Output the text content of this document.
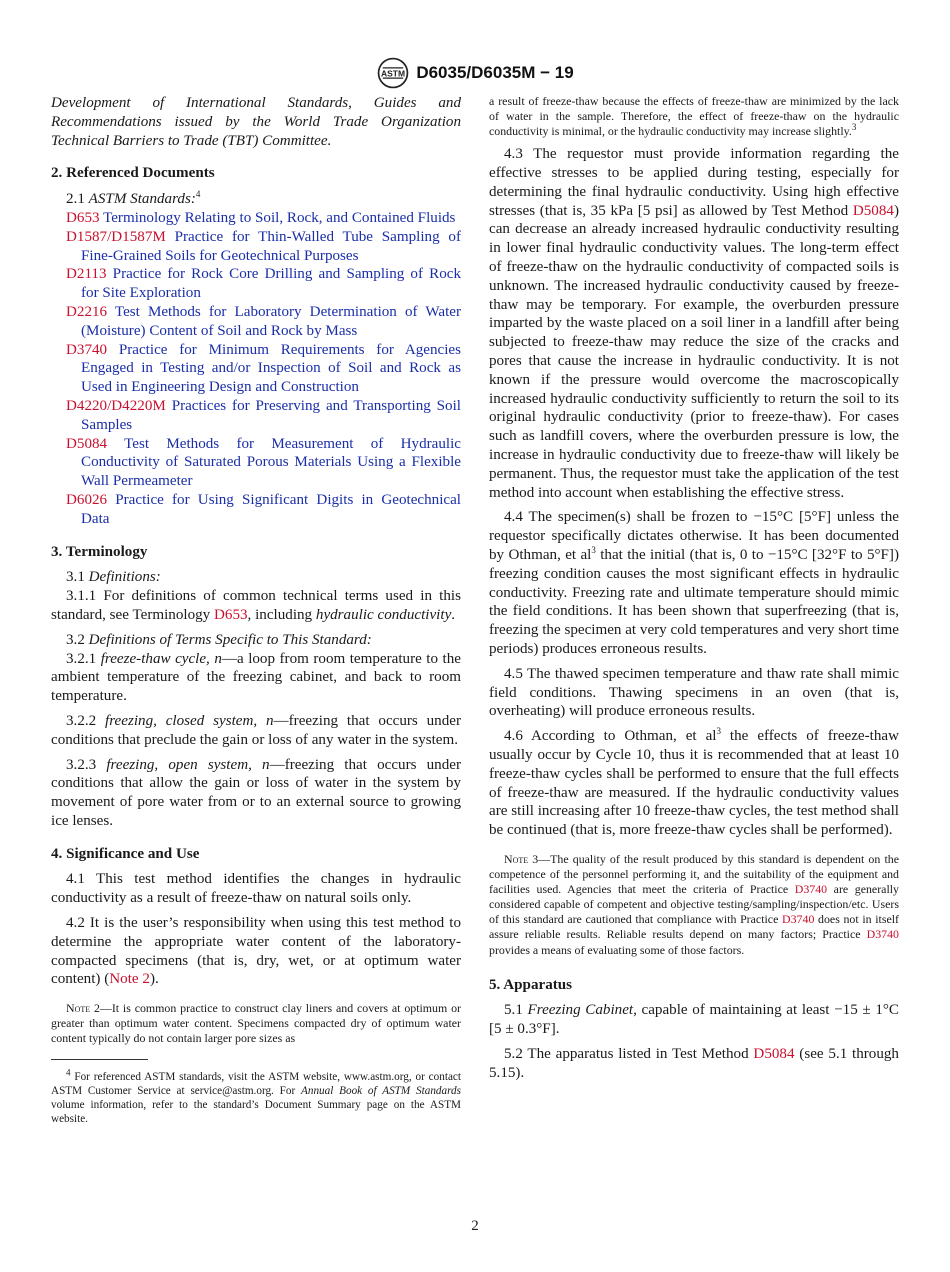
ASTM D6035/D6035M − 19

Development of International Standards, Guides and Recommendations issued by the World Trade Organization Technical Barriers to Trade (TBT) Committee.

2. Referenced Documents

2.1 ASTM Standards:$^4$

D653 Terminology Relating to Soil, Rock, and Contained Fluids
D1587/D1587M Practice for Thin-Walled Tube Sampling of Fine-Grained Soils for Geotechnical Purposes
D2113 Practice for Rock Core Drilling and Sampling of Rock for Site Exploration
D2216 Test Methods for Laboratory Determination of Water (Moisture) Content of Soil and Rock by Mass
D3740 Practice for Minimum Requirements for Agencies Engaged in Testing and/or Inspection of Soil and Rock as Used in Engineering Design and Construction
D4220/D4220M Practices for Preserving and Transporting Soil Samples
D5084 Test Methods for Measurement of Hydraulic Conductivity of Saturated Porous Materials Using a Flexible Wall Permeameter
D6026 Practice for Using Significant Digits in Geotechnical Data
3. Terminology

3.1 Definitions:

3.1.1 For definitions of common technical terms used in this standard, see Terminology D653, including hydraulic conductivity.

3.2 Definitions of Terms Specific to This Standard:

3.2.1 freeze-thaw cycle, n—a loop from room temperature to the ambient temperature of the freezing cabinet, and back to room temperature.

3.2.2 freezing, closed system, n—freezing that occurs under conditions that preclude the gain or loss of any water in the system.

3.2.3 freezing, open system, n—freezing that occurs under conditions that allow the gain or loss of water in the system by movement of pore water from or to an external source to growing ice lenses.

4. Significance and Use

4.1 This test method identifies the changes in hydraulic conductivity as a result of freeze-thaw on natural soils only.

4.2 It is the user’s responsibility when using this test method to determine the appropriate water content of the laboratory-compacted specimens (that is, dry, wet, or at optimum water content) (Note 2).

Note 2—It is common practice to construct clay liners and covers at optimum or greater than optimum water content. Specimens compacted dry of optimum water content typically do not contain larger pore sizes as

$^4$ For referenced ASTM standards, visit the ASTM website, www.astm.org, or contact ASTM Customer Service at service@astm.org. For Annual Book of ASTM Standards volume information, refer to the standard’s Document Summary page on the ASTM website.

a result of freeze-thaw because the effects of freeze-thaw are minimized by the lack of water in the sample. Therefore, the effect of freeze-thaw on the hydraulic conductivity is minimal, or the hydraulic conductivity may increase slightly.$^3$

4.3 The requestor must provide information regarding the effective stresses to be applied during testing, especially for determining the final hydraulic conductivity. Using high effective stresses (that is, 35 kPa [5 psi] as allowed by Test Method D5084) can decrease an already increased hydraulic conductivity resulting in lower final hydraulic conductivity values. The long-term effect of freeze-thaw on the hydraulic conductivity of compacted soils is unknown. The increased hydraulic conductivity caused by freeze-thaw may be temporary. For example, the overburden pressure imparted by the waste placed on a soil liner in a landfill after being subjected to freeze-thaw may reduce the size of the cracks and pores that cause the increase in hydraulic conductivity. It is not known if the pressure would overcome the macroscopically increased hydraulic conductivity sufficiently to return the soil to its original hydraulic conductivity (prior to freeze-thaw). For cases such as landfill covers, where the overburden pressure is low, the increase in hydraulic conductivity due to freeze-thaw will likely be permanent. Thus, the requestor must take the application of the test method into account when establishing the effective stress.

4.4 The specimen(s) shall be frozen to −15°C [5°F] unless the requestor specifically dictates otherwise. It has been documented by Othman, et $al^3$ that the initial (that is, 0 to −15°C [32°F to 5°F]) freezing condition causes the most significant effects in hydraulic conductivity. Freezing rate and ultimate temperature should mimic the field conditions. It has been shown that superfreezing (that is, freezing the specimen at very cold temperatures and very short time periods) produces erroneous results.

4.5 The thawed specimen temperature and thaw rate shall mimic field conditions. Thawing specimens in an oven (that is, overheating) will produce erroneous results.

4.6 According to Othman, et $al^3$ the effects of freeze-thaw usually occur by Cycle 10, thus it is recommended that at least 10 freeze-thaw cycles shall be performed to ensure that the full effects of freeze-thaw are measured. If the hydraulic conductivity values are still increasing after 10 freeze-thaw cycles, the test method shall be continued (that is, more freeze-thaw cycles shall be performed).

Note 3—The quality of the result produced by this standard is dependent on the competence of the personnel performing it, and the suitability of the equipment and facilities used. Agencies that meet the criteria of Practice D3740 are generally considered capable of competent and objective testing/sampling/inspection/etc. Users of this standard are cautioned that compliance with Practice D3740 does not in itself assure reliable results. Reliable results depend on many factors; Practice D3740 provides a means of evaluating some of those factors.

5. Apparatus

5.1 Freezing Cabinet, capable of maintaining at least −15 ± 1°C [5 ± 0.3°F].

5.2 The apparatus listed in Test Method D5084 (see 5.1 through 5.15).

2
